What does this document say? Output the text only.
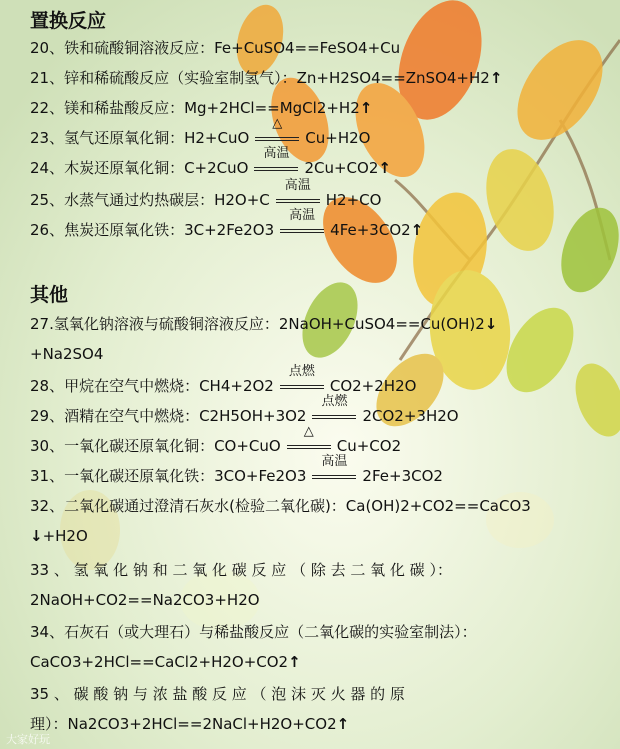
置换反应
20、铁和硫酸铜溶液反应：Fe+CuSO4==FeSO4+Cu
21、锌和稀硫酸反应（实验室制氢气）：Zn+H2SO4==ZnSO4+H2↑
22、镁和稀盐酸反应：Mg+2HCl==MgCl2+H2↑
23、氢气还原氧化铜：H2+CuO
△
Cu+H2O
24、木炭还原氧化铜：C+2CuO
高温
2Cu+CO2↑
25、水蒸气通过灼热碳层：H2O+C
高温
H2+CO
26、焦炭还原氧化铁：3C+2Fe2O3
高温
4Fe+3CO2↑
其他
27.氢氧化钠溶液与硫酸铜溶液反应：2NaOH+CuSO4==Cu(OH)2↓
+Na2SO4
28、甲烷在空气中燃烧：CH4+2O2
点燃
CO2+2H2O
29、酒精在空气中燃烧：C2H5OH+3O2
点燃
2CO2+3H2O
30、一氧化碳还原氧化铜：CO+CuO
△
Cu+CO2
31、一氧化碳还原氧化铁：3CO+Fe2O3
高温
2Fe+3CO2
32、二氧化碳通过澄清石灰水(检验二氧化碳)：Ca(OH)2+CO2==CaCO3
↓+H2O
33 、 氢 氧 化 钠 和 二 氧 化 碳 反 应 （ 除 去 二 氧 化 碳 ）：
2NaOH+CO2==Na2CO3+H2O
34、石灰石（或大理石）与稀盐酸反应（二氧化碳的实验室制法）：
CaCO3+2HCl==CaCl2+H2O+CO2↑
35 、 碳 酸 钠 与 浓 盐 酸 反 应 （ 泡 沫 灭 火 器 的 原
理）：Na2CO3+2HCl==2NaCl+H2O+CO2↑
大家好玩
